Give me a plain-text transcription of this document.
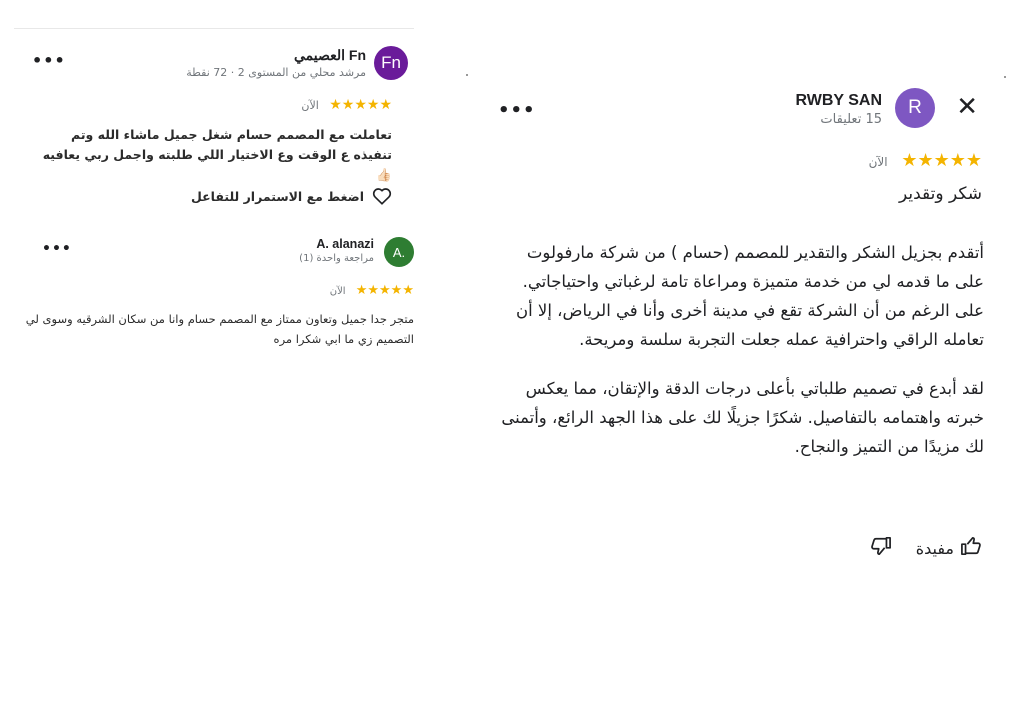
•••	Fn العصيمي
مرشد محلي من المستوى 2 · 72 نقطة
Fn
★★★★★ الآن
تعاملت مع المصمم حسام شغل جميل ماشاء الله وتم تنفيذه ع الوقت وع الاختيار اللي طلبته واجمل ربي يعافيه 👍🏻
اضغط مع الاستمرار للتفاعل
•••	A. alanazi
مراجعة واحدة (1)	A.
★★★★★ الآن
متجر جدا جميل وتعاون ممتاز مع المصمم حسام وانا من سكان الشرقيه وسوى لي التصميم زي ما ابي شكرا مره
✕
R
RWBY SAN
15 تعليقات
•••
★★★★★ الآن
شكر وتقدير

أتقدم بجزيل الشكر والتقدير للمصمم (حسام ) من شركة مارفولوت على ما قدمه لي من خدمة متميزة ومراعاة تامة لرغباتي واحتياجاتي. على الرغم من أن الشركة تقع في مدينة أخرى وأنا في الرياض، إلا أن تعامله الراقي واحترافية عمله جعلت التجربة سلسة ومريحة.

لقد أبدع في تصميم طلباتي بأعلى درجات الدقة والإتقان، مما يعكس خبرته واهتمامه بالتفاصيل. شكرًا جزيلًا لك على هذا الجهد الرائع، وأتمنى لك مزيدًا من التميز والنجاح.

مفيدة
